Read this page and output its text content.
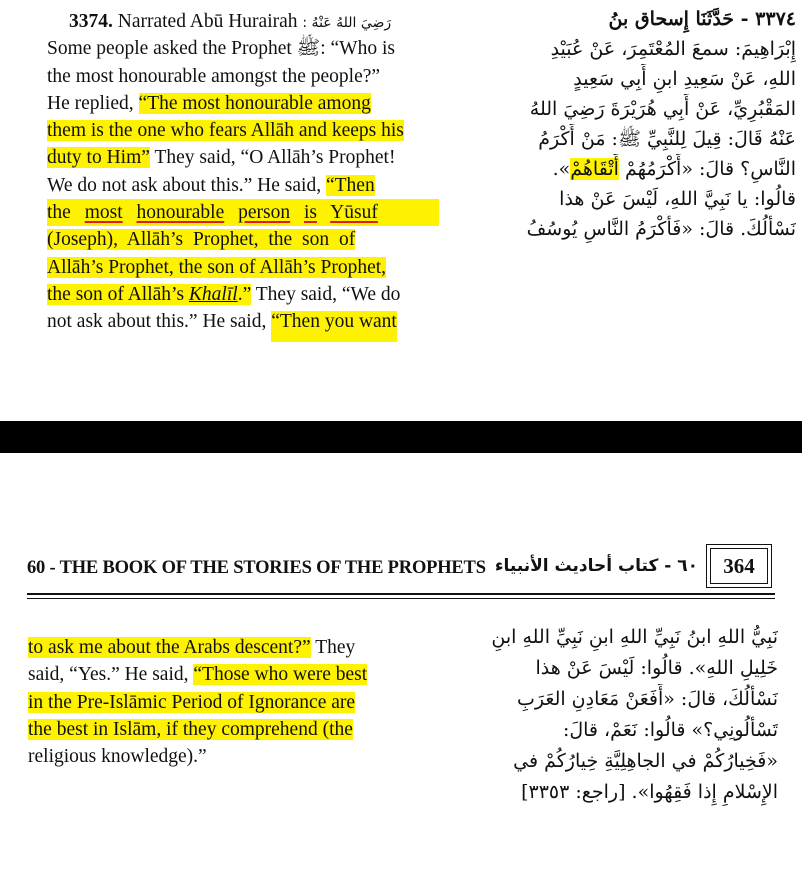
3374. Narrated Abū Hurairah رَضِيَ اللهُ عَنْهُ :
Some people asked the Prophet ﷺ: “Who is
the most honourable amongst the people?”
He replied, “The most honourable among
them is the one who fears Allāh and keeps his
duty to Him” They said, “O Allāh’s Prophet!
We do not ask about this.” He said, “Then
the most honourable person is Yūsuf
(Joseph), Allāh’s Prophet, the son of
Allāh’s Prophet, the son of Allāh’s Prophet,
the son of Allāh’s Khalīl.” They said, “We do
not ask about this.” He said, “Then you want
٣٣٧٤ - حَدَّثَنَا إِسحاق بنُ
إِبْرَاهِيمَ: سمعَ المُعْتَمِرَ، عَنْ عُبَيْدِ
اللهِ، عَنْ سَعِيدِ ابنِ أَبِي سَعِيدٍ
المَقْبُرِيِّ، عَنْ أَبِي هُرَيْرَةَ رَضِيَ اللهُ
عَنْهُ قَالَ: قِيلَ لِلنَّبِيِّ ﷺ: مَنْ أَكْرَمُ
النَّاسِ؟ قالَ: «أَكْرَمُهُمْ أَتْقَاهُمْ».
قالُوا: يا نَبِيَّ اللهِ، لَيْسَ عَنْ هذا
نَسْأَلُكَ. قالَ: «فَأَكْرَمُ النَّاسِ يُوسُفُ
60 - THE BOOK OF THE STORIES OF THE PROPHETS ٦٠ - كتاب أحاديث الأنبياء 364
to ask me about the Arabs descent?” They
said, “Yes.” He said, “Those who were best
in the Pre-Islāmic Period of Ignorance are
the best in Islām, if they comprehend (the
religious knowledge).”
نَبِيُّ اللهِ ابنُ نَبِيِّ اللهِ ابنِ نَبِيِّ اللهِ ابنِ
خَلِيلِ اللهِ». قالُوا: لَيْسَ عَنْ هذا
نَسْأَلُكَ، قالَ: «أَفَعَنْ مَعَادِنِ العَرَبِ
تَسْأَلُونِي؟» قالُوا: نَعَمْ، قالَ:
«فَخِيارُكُمْ في الجاهِلِيَّةِ خِيارُكُمْ في
الإِسْلامِ إِذا فَقِهُوا». [راجع: ٣٣٥٣]
